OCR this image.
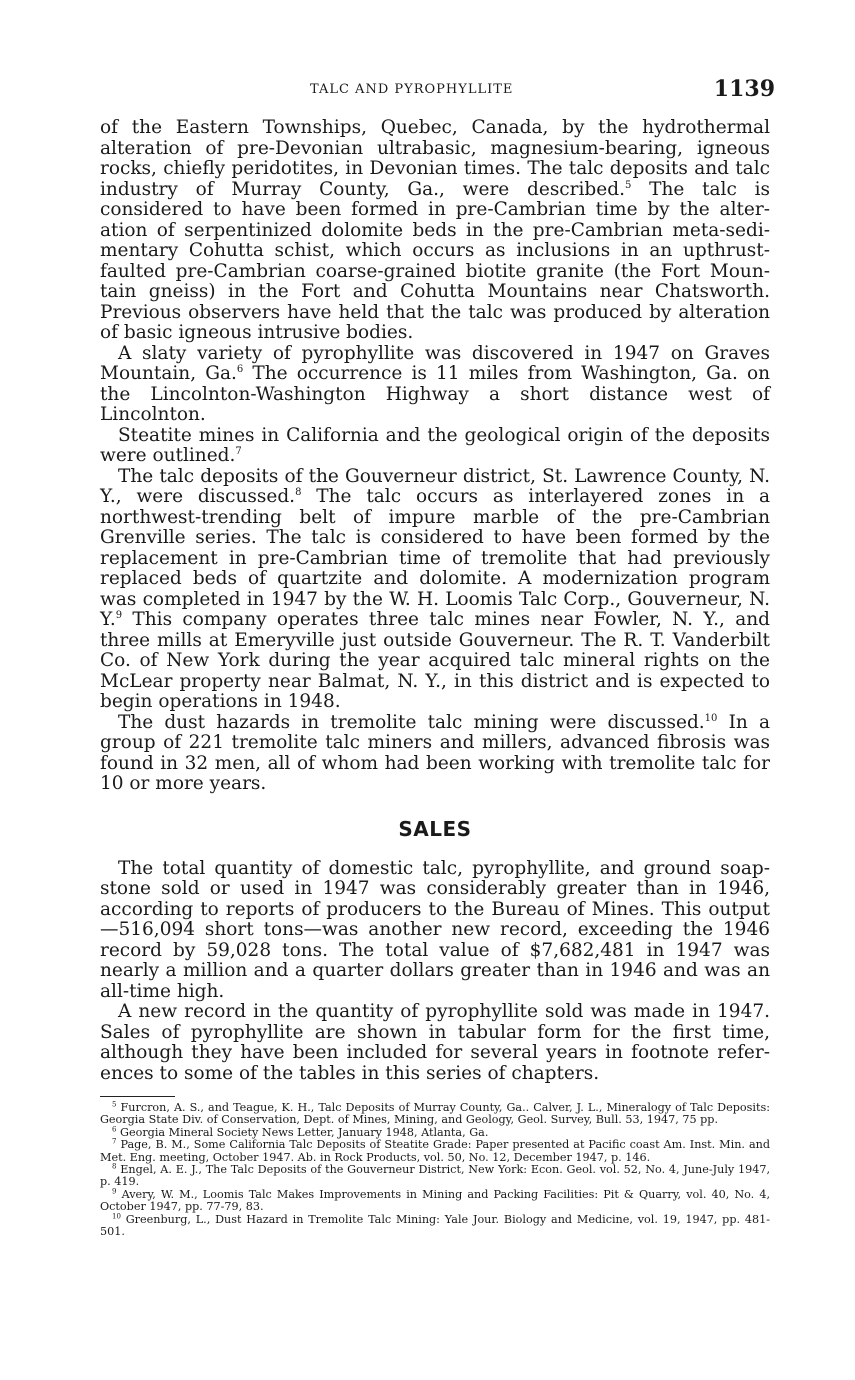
TALC AND PYROPHYLLITE	1139

of the Eastern Townships, Quebec, Canada, by the hydrothermal alteration of pre-Devonian ultrabasic, magnesium-bearing, igneous rocks, chiefly peridotites, in Devonian times. The talc deposits and talc industry of Murray County, Ga., were described.$^5$ The talc is considered to have been formed in pre-Cambrian time by the alteration of serpentinized dolomite beds in the pre-Cambrian meta-sedimentary Cohutta schist, which occurs as inclusions in an upthrust-faulted pre-Cambrian coarse-grained biotite granite (the Fort Mountain gneiss) in the Fort and Cohutta Mountains near Chatsworth. Previous observers have held that the talc was produced by alteration of basic igneous intrusive bodies.

A slaty variety of pyrophyllite was discovered in 1947 on Graves Mountain, Ga.$^6$ The occurrence is 11 miles from Washington, Ga. on the Lincolnton-Washington Highway a short distance west of Lincolnton.

Steatite mines in California and the geological origin of the deposits were outlined.$^7$

The talc deposits of the Gouverneur district, St. Lawrence County, N. Y., were discussed.$^8$ The talc occurs as interlayered zones in a northwest-trending belt of impure marble of the pre-Cambrian Grenville series. The talc is considered to have been formed by the replacement in pre-Cambrian time of tremolite that had previously replaced beds of quartzite and dolomite. A modernization program was completed in 1947 by the W. H. Loomis Talc Corp., Gouverneur, N. Y.$^9$ This company operates three talc mines near Fowler, N. Y., and three mills at Emeryville just outside Gouverneur. The R. T. Vanderbilt Co. of New York during the year acquired talc mineral rights on the McLear property near Balmat, N. Y., in this district and is expected to begin operations in 1948.

The dust hazards in tremolite talc mining were discussed.$^{10}$ In a group of 221 tremolite talc miners and millers, advanced fibrosis was found in 32 men, all of whom had been working with tremolite talc for 10 or more years.

SALES

The total quantity of domestic talc, pyrophyllite, and ground soapstone sold or used in 1947 was considerably greater than in 1946, according to reports of producers to the Bureau of Mines. This output—516,094 short tons—was another new record, exceeding the 1946 record by 59,028 tons. The total value of $7,682,481 in 1947 was nearly a million and a quarter dollars greater than in 1946 and was an all-time high.

A new record in the quantity of pyrophyllite sold was made in 1947. Sales of pyrophyllite are shown in tabular form for the first time, although they have been included for several years in footnote references to some of the tables in this series of chapters.

$^5$ Furcron, A. S., and Teague, K. H., Talc Deposits of Murray County, Ga.. Calver, J. L., Mineralogy of Talc Deposits: Georgia State Div. of Conservation, Dept. of Mines, Mining, and Geology, Geol. Survey, Bull. 53, 1947, 75 pp.

$^6$ Georgia Mineral Society News Letter, January 1948, Atlanta, Ga.

$^7$ Page, B. M., Some California Talc Deposits of Steatite Grade: Paper presented at Pacific coast Am. Inst. Min. and Met. Eng. meeting, October 1947. Ab. in Rock Products, vol. 50, No. 12, December 1947, p. 146.

$^8$ Engel, A. E. J., The Talc Deposits of the Gouverneur District, New York: Econ. Geol. vol. 52, No. 4, June-July 1947, p. 419.

$^9$ Avery, W. M., Loomis Talc Makes Improvements in Mining and Packing Facilities: Pit & Quarry, vol. 40, No. 4, October 1947, pp. 77-79, 83.

$^{10}$ Greenburg, L., Dust Hazard in Tremolite Talc Mining: Yale Jour. Biology and Medicine, vol. 19, 1947, pp. 481-501.
